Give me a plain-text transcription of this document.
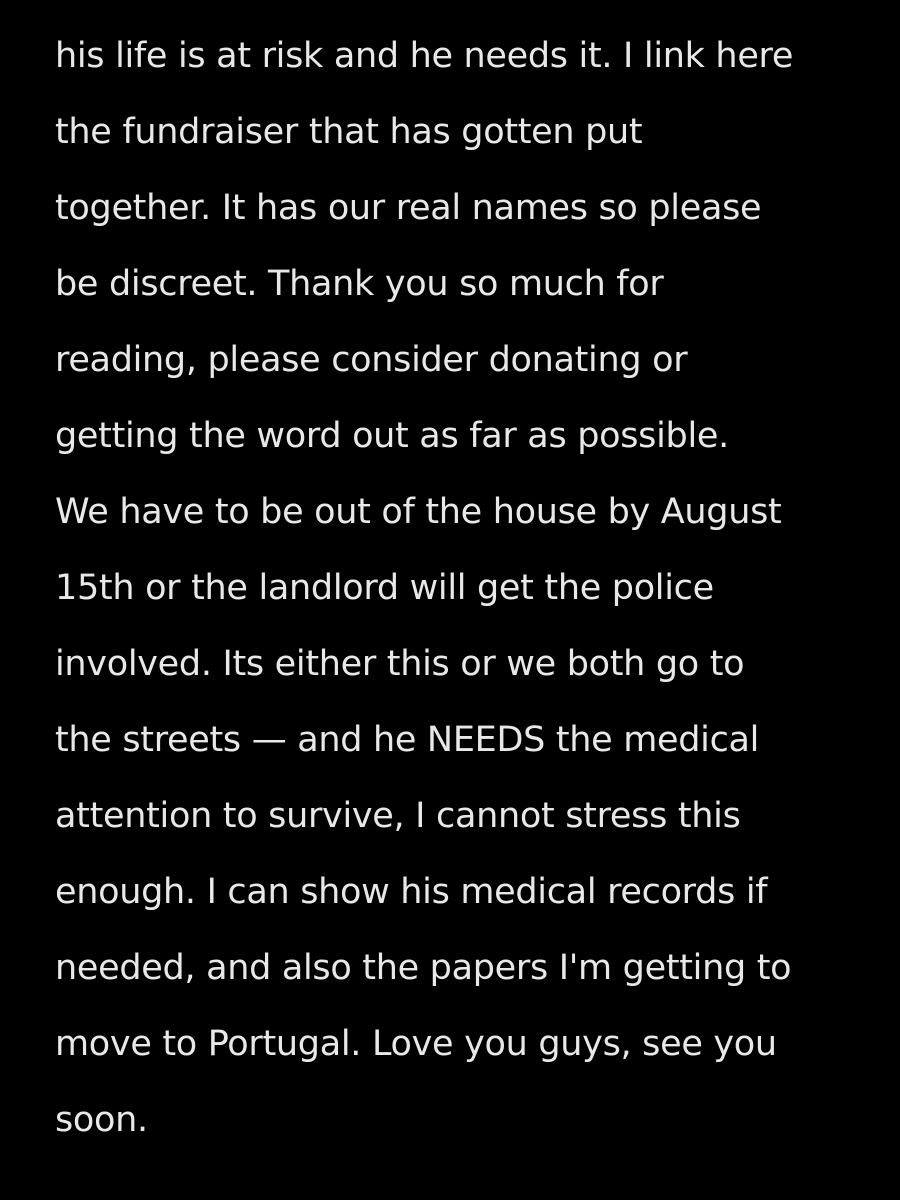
his life is at risk and he needs it. I link here
the fundraiser that has gotten put
together. It has our real names so please
be discreet. Thank you so much for
reading, please consider donating or
getting the word out as far as possible.
We have to be out of the house by August
15th or the landlord will get the police
involved. Its either this or we both go to
the streets — and he NEEDS the medical
attention to survive, I cannot stress this
enough. I can show his medical records if
needed, and also the papers I'm getting to
move to Portugal. Love you guys, see you
soon.
